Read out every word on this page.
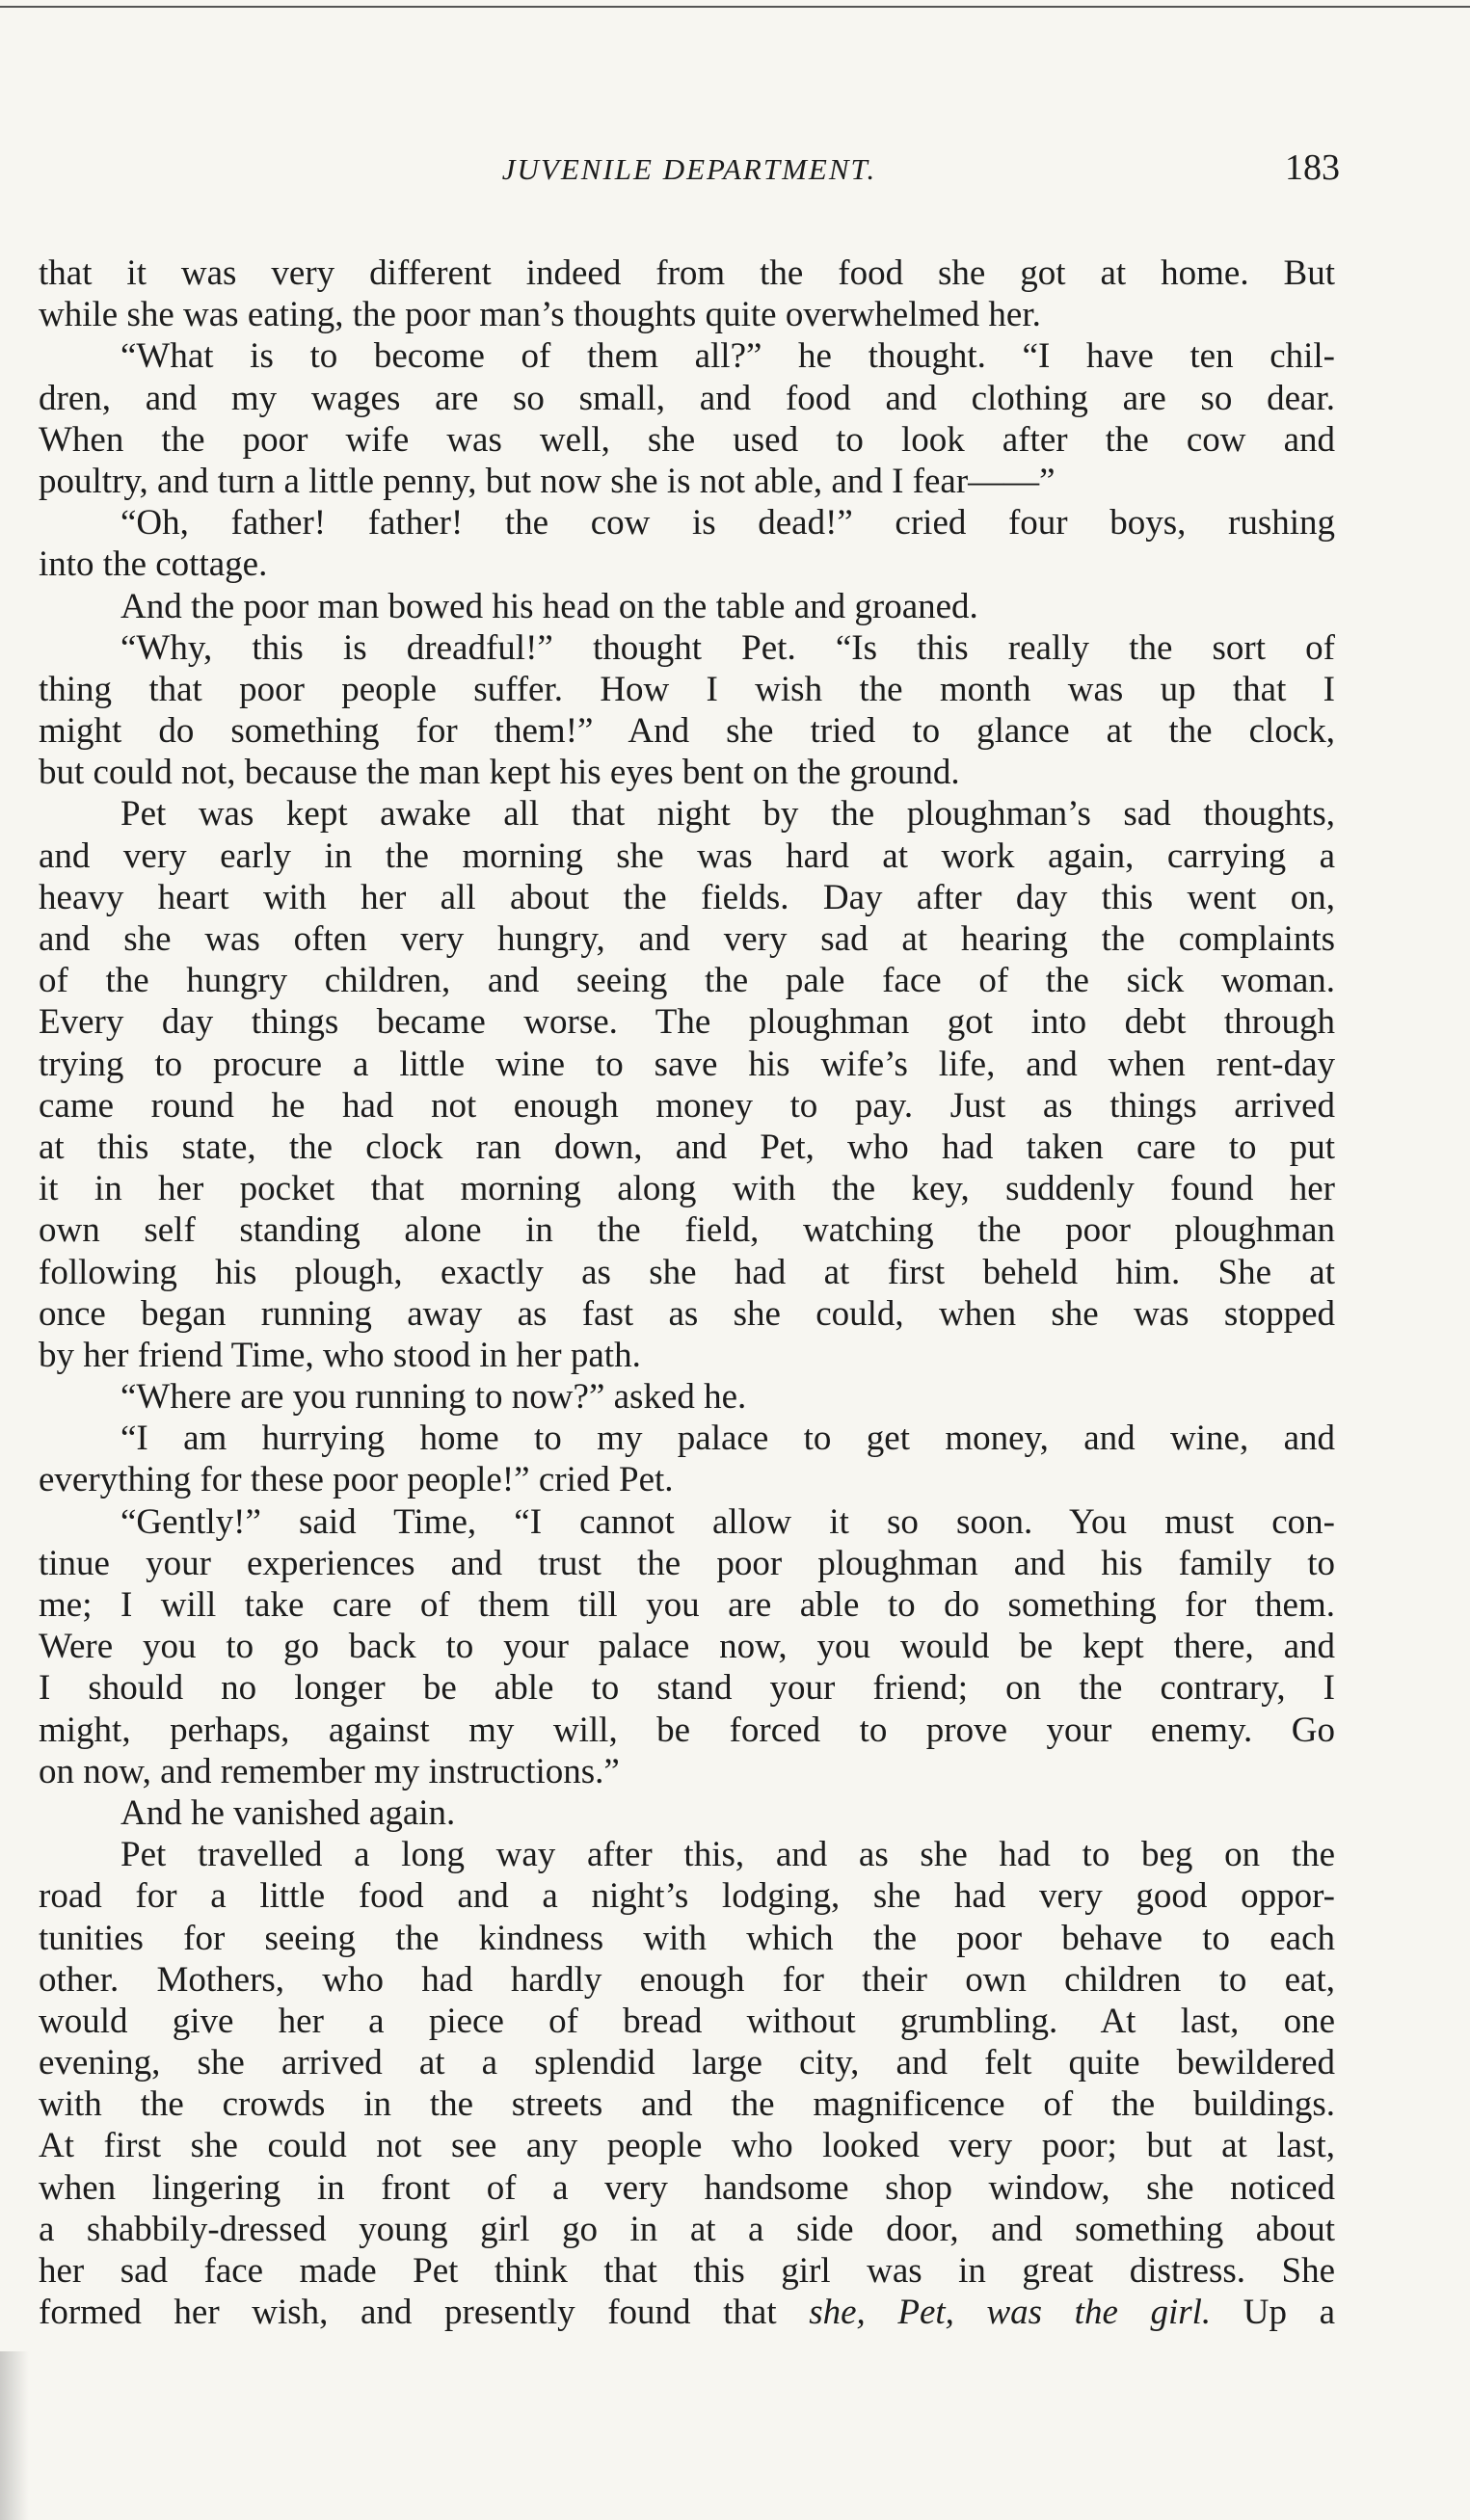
JUVENILE DEPARTMENT.	183
that it was very different indeed from the food she got at home. But
while she was eating, the poor man’s thoughts quite overwhelmed her.
“What is to become of them all?” he thought. “I have ten chil-
dren, and my wages are so small, and food and clothing are so dear.
When the poor wife was well, she used to look after the cow and
poultry, and turn a little penny, but now she is not able, and I fear——”
“Oh, father! father! the cow is dead!” cried four boys, rushing
into the cottage.
And the poor man bowed his head on the table and groaned.
“Why, this is dreadful!” thought Pet. “Is this really the sort of
thing that poor people suffer. How I wish the month was up that I
might do something for them!” And she tried to glance at the clock,
but could not, because the man kept his eyes bent on the ground.
Pet was kept awake all that night by the ploughman’s sad thoughts,
and very early in the morning she was hard at work again, carrying a
heavy heart with her all about the fields. Day after day this went on,
and she was often very hungry, and very sad at hearing the complaints
of the hungry children, and seeing the pale face of the sick woman.
Every day things became worse. The ploughman got into debt through
trying to procure a little wine to save his wife’s life, and when rent-day
came round he had not enough money to pay. Just as things arrived
at this state, the clock ran down, and Pet, who had taken care to put
it in her pocket that morning along with the key, suddenly found her
own self standing alone in the field, watching the poor ploughman
following his plough, exactly as she had at first beheld him. She at
once began running away as fast as she could, when she was stopped
by her friend Time, who stood in her path.
“Where are you running to now?” asked he.
“I am hurrying home to my palace to get money, and wine, and
everything for these poor people!” cried Pet.
“Gently!” said Time, “I cannot allow it so soon. You must con-
tinue your experiences and trust the poor ploughman and his family to
me; I will take care of them till you are able to do something for them.
Were you to go back to your palace now, you would be kept there, and
I should no longer be able to stand your friend; on the contrary, I
might, perhaps, against my will, be forced to prove your enemy. Go
on now, and remember my instructions.”
And he vanished again.
Pet travelled a long way after this, and as she had to beg on the
road for a little food and a night’s lodging, she had very good oppor-
tunities for seeing the kindness with which the poor behave to each
other. Mothers, who had hardly enough for their own children to eat,
would give her a piece of bread without grumbling. At last, one
evening, she arrived at a splendid large city, and felt quite bewildered
with the crowds in the streets and the magnificence of the buildings.
At first she could not see any people who looked very poor; but at last,
when lingering in front of a very handsome shop window, she noticed
a shabbily-dressed young girl go in at a side door, and something about
her sad face made Pet think that this girl was in great distress. She
formed her wish, and presently found that she, Pet, was the girl. Up a
